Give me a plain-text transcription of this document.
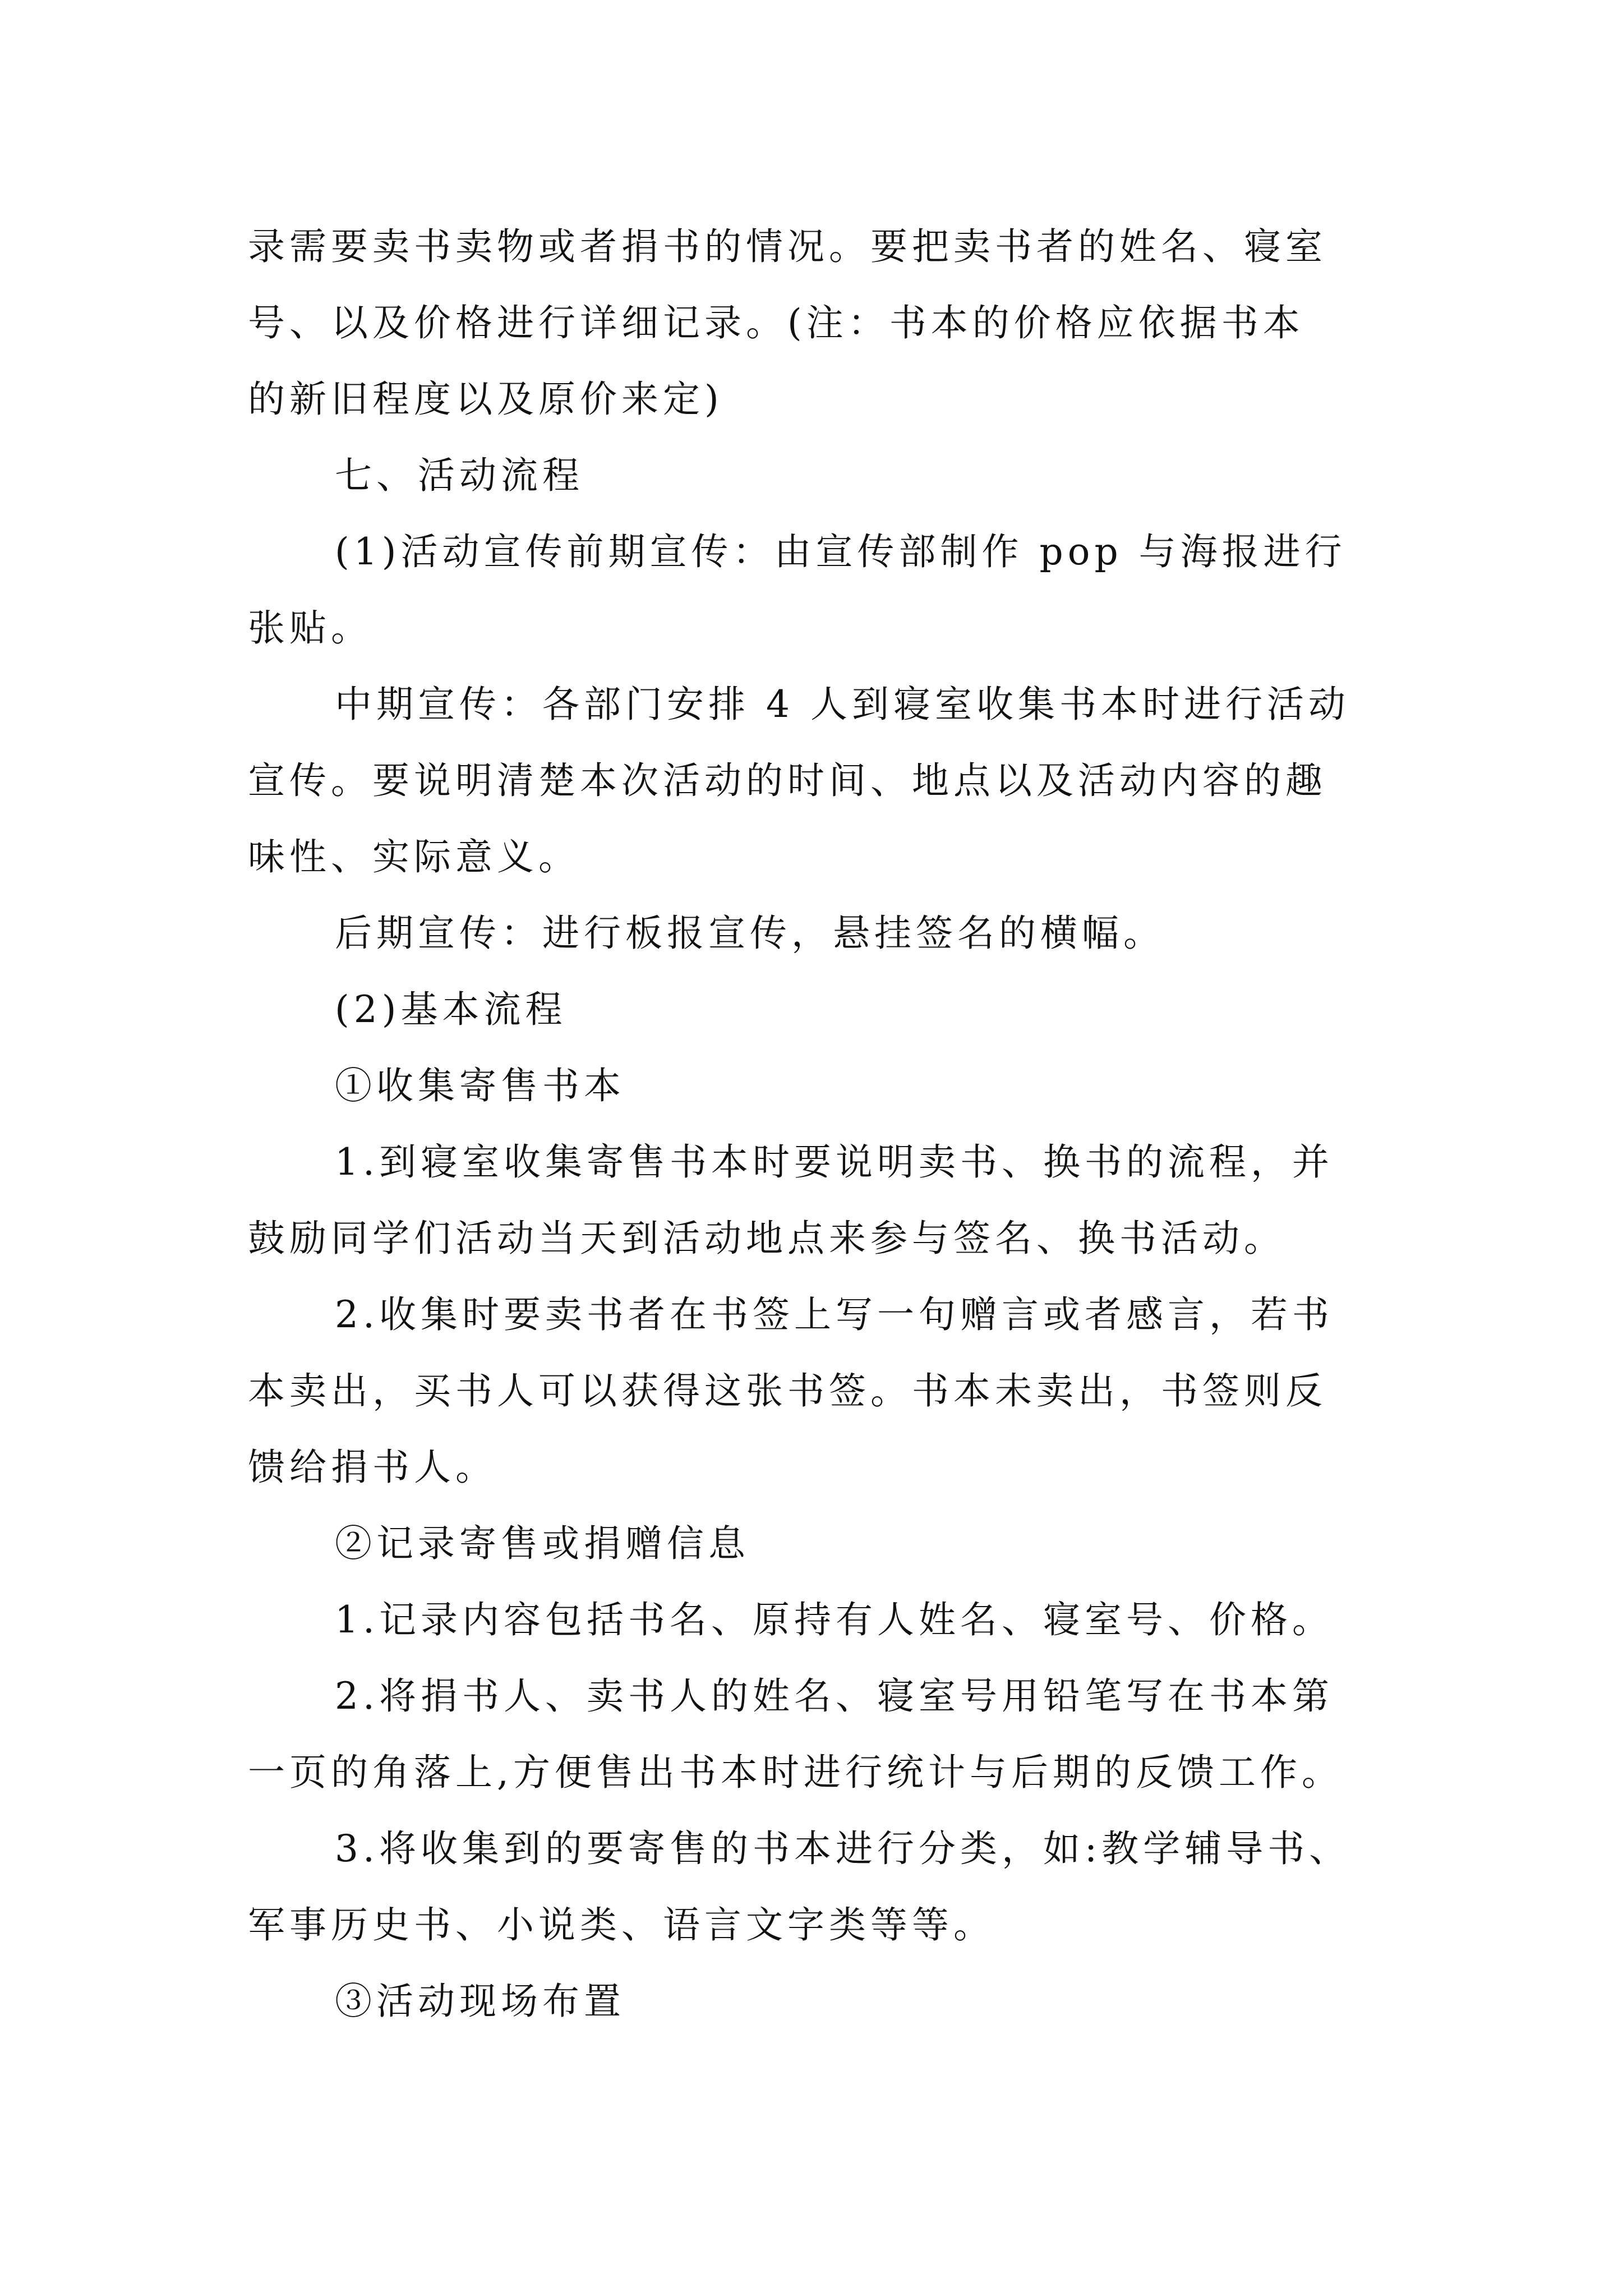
录需要卖书卖物或者捐书的情况。要把卖书者的姓名、寝室
号、以及价格进行详细记录。(注：书本的价格应依据书本
的新旧程度以及原价来定)
七、活动流程
(1)活动宣传前期宣传：由宣传部制作 pop 与海报进行
张贴。
中期宣传：各部门安排 4 人到寝室收集书本时进行活动
宣传。要说明清楚本次活动的时间、地点以及活动内容的趣
味性、实际意义。
后期宣传：进行板报宣传，悬挂签名的横幅。
(2)基本流程
①收集寄售书本
1.到寝室收集寄售书本时要说明卖书、换书的流程，并
鼓励同学们活动当天到活动地点来参与签名、换书活动。
2.收集时要卖书者在书签上写一句赠言或者感言，若书
本卖出，买书人可以获得这张书签。书本未卖出，书签则反
馈给捐书人。
②记录寄售或捐赠信息
1.记录内容包括书名、原持有人姓名、寝室号、价格。
2.将捐书人、卖书人的姓名、寝室号用铅笔写在书本第
一页的角落上,方便售出书本时进行统计与后期的反馈工作。
3.将收集到的要寄售的书本进行分类，如:教学辅导书、
军事历史书、小说类、语言文字类等等。
③活动现场布置
